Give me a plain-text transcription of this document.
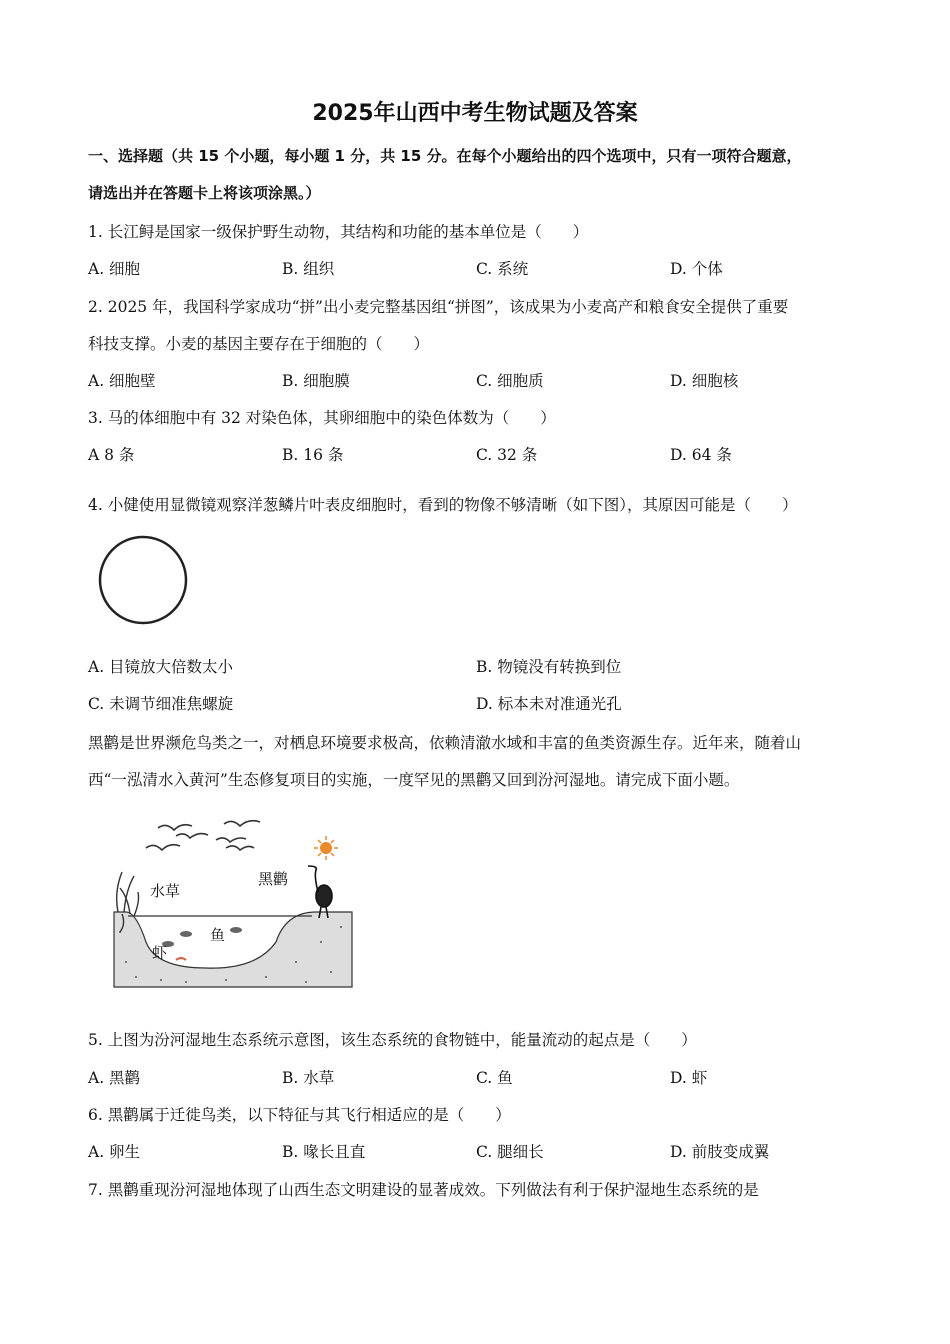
2025年山西中考生物试题及答案
一、选择题（共 15 个小题，每小题 1 分，共 15 分。在每个小题给出的四个选项中，只有一项符合题意，
请选出并在答题卡上将该项涂黑。）
1. 长江鲟是国家一级保护野生动物，其结构和功能的基本单位是（　　）
A. 细胞	B. 组织	C. 系统	D. 个体
2. 2025 年，我国科学家成功“拼”出小麦完整基因组“拼图”，该成果为小麦高产和粮食安全提供了重要
科技支撑。小麦的基因主要存在于细胞的（　　）
A. 细胞壁	B. 细胞膜	C. 细胞质	D. 细胞核
3. 马的体细胞中有 32 对染色体，其卵细胞中的染色体数为（　　）
A 8 条	B. 16 条	C. 32 条	D. 64 条
4. 小健使用显微镜观察洋葱鳞片叶表皮细胞时，看到的物像不够清晰（如下图），其原因可能是（　　）
A. 目镜放大倍数太小	B. 物镜没有转换到位
C. 未调节细准焦螺旋	D. 标本未对准通光孔
黑鹳是世界濒危鸟类之一，对栖息环境要求极高，依赖清澈水域和丰富的鱼类资源生存。近年来，随着山
西“一泓清水入黄河”生态修复项目的实施，一度罕见的黑鹳又回到汾河湿地。请完成下面小题。
水草
黑鹳
鱼
虾
5. 上图为汾河湿地生态系统示意图，该生态系统的食物链中，能量流动的起点是（　　）
A. 黑鹳	B. 水草	C. 鱼	D. 虾
6. 黑鹳属于迁徙鸟类，以下特征与其飞行相适应的是（　　）
A. 卵生	B. 喙长且直	C. 腿细长	D. 前肢变成翼
7. 黑鹳重现汾河湿地体现了山西生态文明建设的显著成效。下列做法有利于保护湿地生态系统的是
